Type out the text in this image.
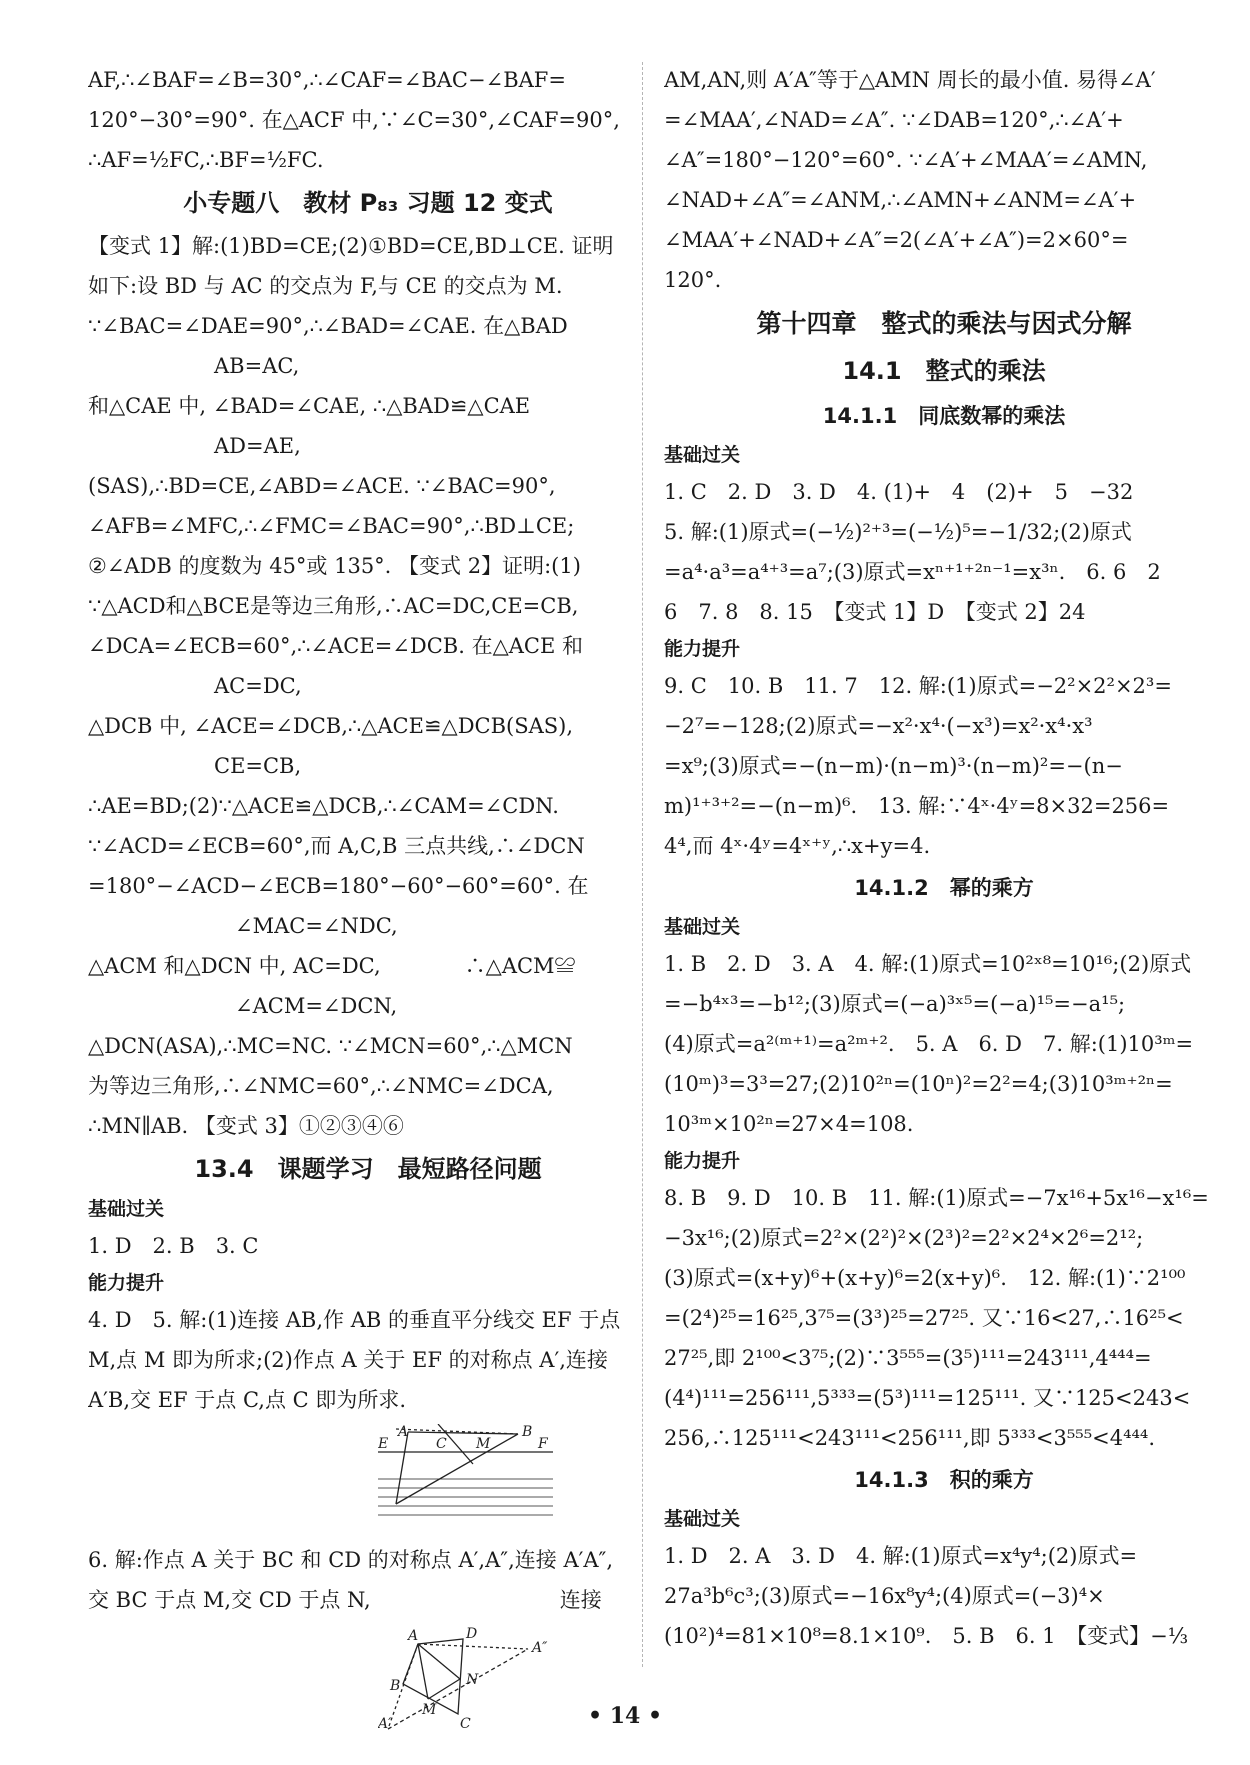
AF,∴∠BAF=∠B=30°,∴∠CAF=∠BAC−∠BAF=
120°−30°=90°. 在△ACF 中,∵∠C=30°,∠CAF=90°,
∴AF=½FC,∴BF=½FC.
小专题八　教材 P₈₃ 习题 12 变式
【变式 1】解:(1)BD=CE;(2)①BD=CE,BD⊥CE. 证明
如下:设 BD 与 AC 的交点为 F,与 CE 的交点为 M.
∵∠BAC=∠DAE=90°,∴∠BAD=∠CAE. 在△BAD
　　　　　　AB=AC,
和△CAE 中, ∠BAD=∠CAE, ∴△BAD≌△CAE
　　　　　　AD=AE,
(SAS),∴BD=CE,∠ABD=∠ACE. ∵∠BAC=90°,
∠AFB=∠MFC,∴∠FMC=∠BAC=90°,∴BD⊥CE;
②∠ADB 的度数为 45°或 135°. 【变式 2】证明:(1)
∵△ACD和△BCE是等边三角形,∴AC=DC,CE=CB,
∠DCA=∠ECB=60°,∴∠ACE=∠DCB. 在△ACE 和
　　　　　　AC=DC,
△DCB 中, ∠ACE=∠DCB,∴△ACE≌△DCB(SAS),
　　　　　　CE=CB,
∴AE=BD;(2)∵△ACE≌△DCB,∴∠CAM=∠CDN.
∵∠ACD=∠ECB=60°,而 A,C,B 三点共线,∴∠DCN
=180°−∠ACD−∠ECB=180°−60°−60°=60°. 在
　　　　　　　∠MAC=∠NDC,
△ACM 和△DCN 中, AC=DC,　　　　∴△ACM≌
　　　　　　　∠ACM=∠DCN,
△DCN(ASA),∴MC=NC. ∵∠MCN=60°,∴△MCN
为等边三角形,∴∠NMC=60°,∴∠NMC=∠DCA,
∴MN∥AB. 【变式 3】①②③④⑥
13.4　课题学习　最短路径问题
基础过关
1. D　2. B　3. C
能力提升
4. D　5. 解:(1)连接 AB,作 AB 的垂直平分线交 EF 于点
M,点 M 即为所求;(2)作点 A 关于 EF 的对称点 A′,连接
A′B,交 EF 于点 C,点 C 即为所求.
B
A
E	C M	F
6. 解:作点 A 关于 BC 和 CD 的对称点 A′,A″,连接 A′A″,
交 BC 于点 M,交 CD 于点 N,　　　　　　　　　连接
A	D
B
A″
N
M
A′	C
AM,AN,则 A′A″等于△AMN 周长的最小值. 易得∠A′
=∠MAA′,∠NAD=∠A″. ∵∠DAB=120°,∴∠A′+
∠A″=180°−120°=60°. ∵∠A′+∠MAA′=∠AMN,
∠NAD+∠A″=∠ANM,∴∠AMN+∠ANM=∠A′+
∠MAA′+∠NAD+∠A″=2(∠A′+∠A″)=2×60°=
120°.
第十四章　整式的乘法与因式分解
14.1　整式的乘法
14.1.1　同底数幂的乘法
基础过关
1. C　2. D　3. D　4. (1)+　4　(2)+　5　−32
5. 解:(1)原式=(−½)²⁺³=(−½)⁵=−1/32;(2)原式
=a⁴·a³=a⁴⁺³=a⁷;(3)原式=xⁿ⁺¹⁺²ⁿ⁻¹=x³ⁿ.　6. 6　2
6　7. 8　8. 15　【变式 1】D　【变式 2】24
能力提升
9. C　10. B　11. 7　12. 解:(1)原式=−2²×2²×2³=
−2⁷=−128;(2)原式=−x²·x⁴·(−x³)=x²·x⁴·x³
=x⁹;(3)原式=−(n−m)·(n−m)³·(n−m)²=−(n−
m)¹⁺³⁺²=−(n−m)⁶.　13. 解:∵4ˣ·4ʸ=8×32=256=
4⁴,而 4ˣ·4ʸ=4ˣ⁺ʸ,∴x+y=4.
14.1.2　幂的乘方
基础过关
1. B　2. D　3. A　4. 解:(1)原式=10²ˣ⁸=10¹⁶;(2)原式
=−b⁴ˣ³=−b¹²;(3)原式=(−a)³ˣ⁵=(−a)¹⁵=−a¹⁵;
(4)原式=a²⁽ᵐ⁺¹⁾=a²ᵐ⁺².　5. A　6. D　7. 解:(1)10³ᵐ=
(10ᵐ)³=3³=27;(2)10²ⁿ=(10ⁿ)²=2²=4;(3)10³ᵐ⁺²ⁿ=
10³ᵐ×10²ⁿ=27×4=108.
能力提升
8. B　9. D　10. B　11. 解:(1)原式=−7x¹⁶+5x¹⁶−x¹⁶=
−3x¹⁶;(2)原式=2²×(2²)²×(2³)²=2²×2⁴×2⁶=2¹²;
(3)原式=(x+y)⁶+(x+y)⁶=2(x+y)⁶.　12. 解:(1)∵2¹⁰⁰
=(2⁴)²⁵=16²⁵,3⁷⁵=(3³)²⁵=27²⁵. 又∵16<27,∴16²⁵<
27²⁵,即 2¹⁰⁰<3⁷⁵;(2)∵3⁵⁵⁵=(3⁵)¹¹¹=243¹¹¹,4⁴⁴⁴=
(4⁴)¹¹¹=256¹¹¹,5³³³=(5³)¹¹¹=125¹¹¹. 又∵125<243<
256,∴125¹¹¹<243¹¹¹<256¹¹¹,即 5³³³<3⁵⁵⁵<4⁴⁴⁴.
14.1.3　积的乘方
基础过关
1. D　2. A　3. D　4. 解:(1)原式=x⁴y⁴;(2)原式=
27a³b⁶c³;(3)原式=−16x⁸y⁴;(4)原式=(−3)⁴×
(10²)⁴=81×10⁸=8.1×10⁹.　5. B　6. 1　【变式】−⅓
• 14 •
